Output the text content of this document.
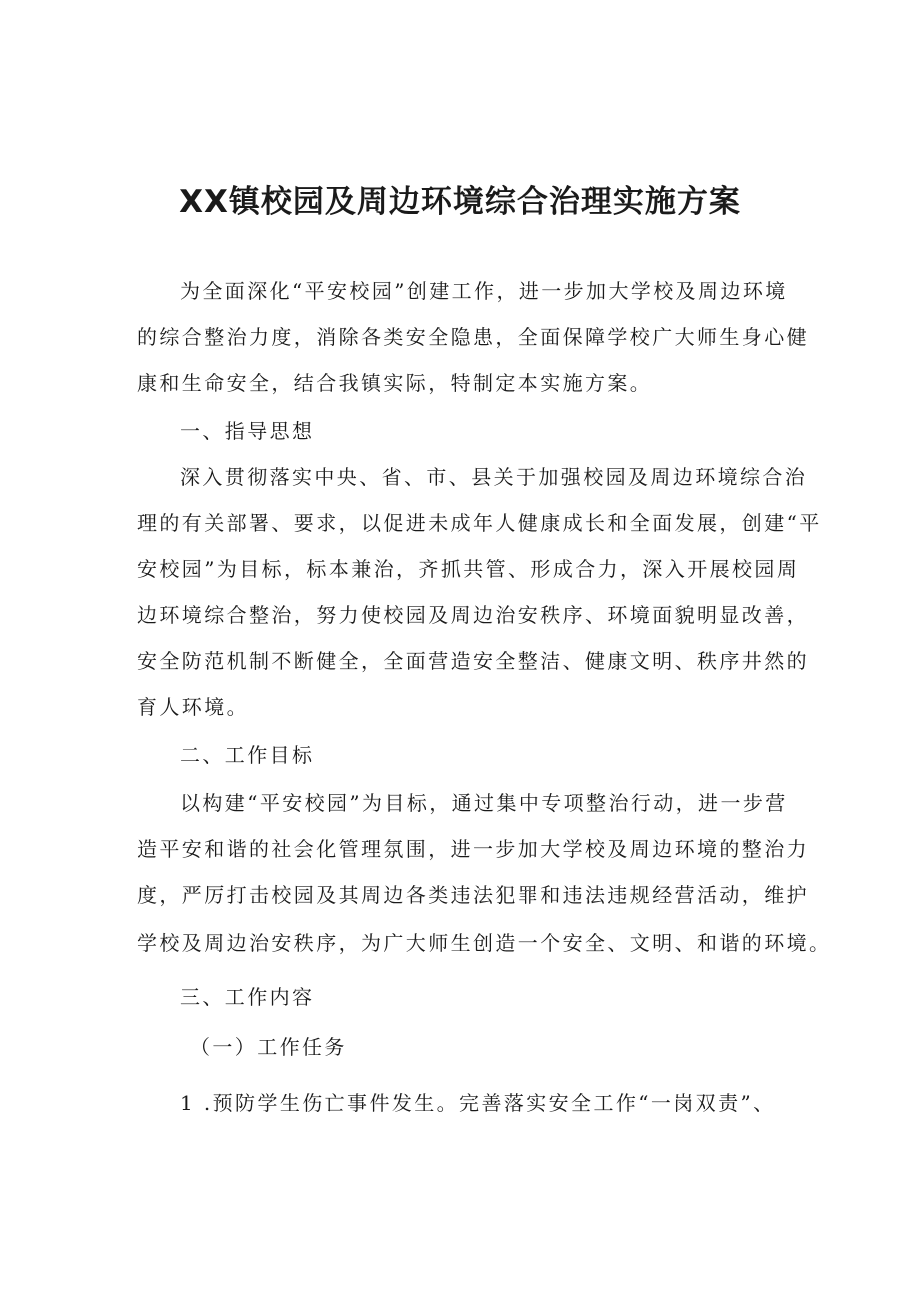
XX镇校园及周边环境综合治理实施方案
为全面深化“平安校园”创建工作，进一步加大学校及周边环境
的综合整治力度，消除各类安全隐患，全面保障学校广大师生身心健
康和生命安全，结合我镇实际，特制定本实施方案。
一、指导思想
深入贯彻落实中央、省、市、县关于加强校园及周边环境综合治
理的有关部署、要求，以促进未成年人健康成长和全面发展，创建“平
安校园”为目标，标本兼治，齐抓共管、形成合力，深入开展校园周
边环境综合整治，努力使校园及周边治安秩序、环境面貌明显改善，
安全防范机制不断健全，全面营造安全整洁、健康文明、秩序井然的
育人环境。
二、工作目标
以构建“平安校园”为目标，通过集中专项整治行动，进一步营
造平安和谐的社会化管理氛围，进一步加大学校及周边环境的整治力
度，严厉打击校园及其周边各类违法犯罪和违法违规经营活动，维护
学校及周边治安秩序，为广大师生创造一个安全、文明、和谐的环境。
三、工作内容
（一）工作任务
1 .预防学生伤亡事件发生。完善落实安全工作“一岗双责”、
